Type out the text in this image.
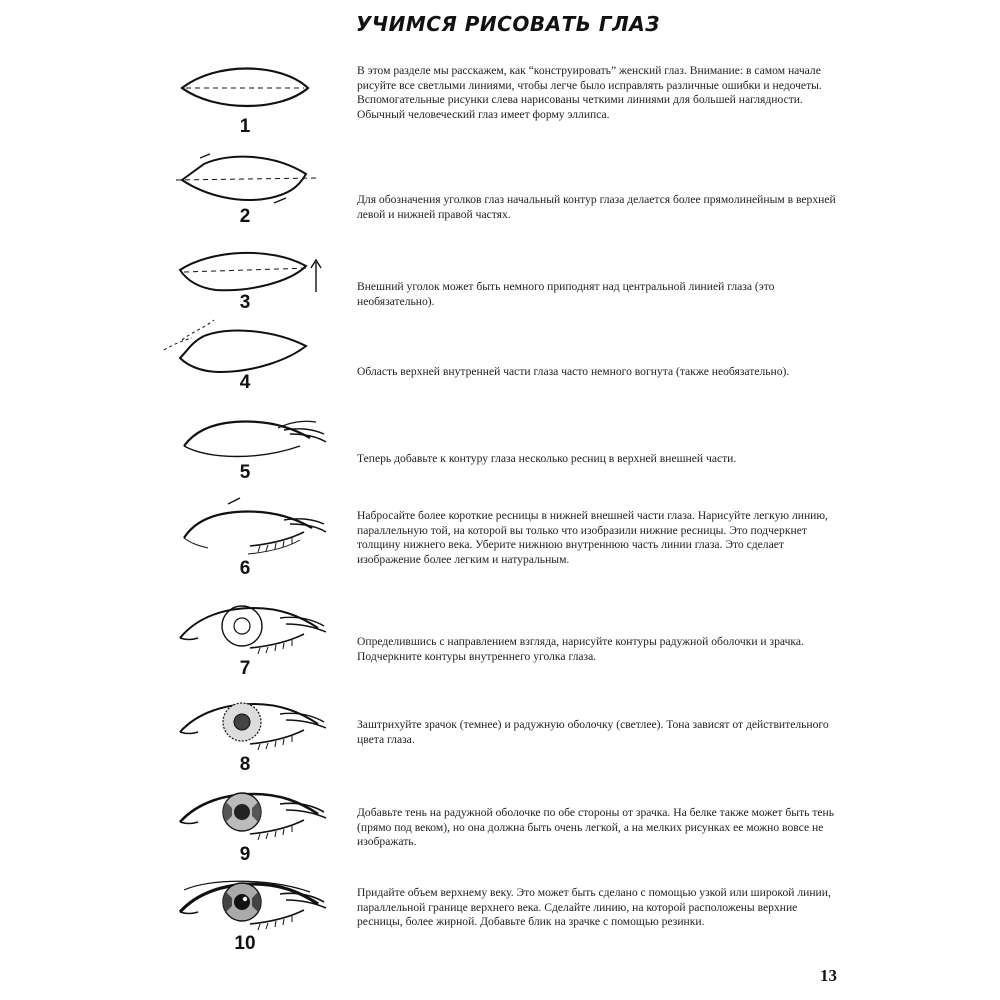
УЧИМСЯ РИСОВАТЬ ГЛАЗ
1

В этом разделе мы расскажем, как “конструировать” женский глаз. Внимание: в самом начале рисуйте все светлыми линиями, чтобы легче было исправлять различные ошибки и недочеты. Вспомогательные рисунки слева нарисованы четкими линиями для большей наглядности.
Обычный человеческий глаз имеет форму эллипса.

2

Для обозначения уголков глаз начальный контур глаза делается более прямолинейным в верхней левой и нижней правой частях.

3

Внешний уголок может быть немного приподнят над центральной линией глаза (это необязательно).

4

Область верхней внутренней части глаза часто немного вогнута (также необязательно).

5

Теперь добавьте к контуру глаза несколько ресниц в верхней внешней части.

6

Набросайте более короткие ресницы в нижней внешней части глаза. Нарисуйте легкую линию, параллельную той, на которой вы только что изобразили нижние ресницы. Это подчеркнет толщину нижнего века. Уберите нижнюю внутреннюю часть линии глаза. Это сделает изображение более легким и натуральным.

7

Определившись с направлением взгляда, нарисуйте контуры радужной оболочки и зрачка. Подчеркните контуры внутреннего уголка глаза.

8

Заштрихуйте зрачок (темнее) и радужную оболочку (светлее). Тона зависят от действительного цвета глаза.

9

Добавьте тень на радужной оболочке по обе стороны от зрачка. На белке также может быть тень (прямо под веком), но она должна быть очень легкой, а на мелких рисунках ее можно вовсе не изображать.

10

Придайте объем верхнему веку. Это может быть сделано с помощью узкой или широкой линии, параллельной границе верхнего века. Сделайте линию, на которой расположены верхние ресницы, более жирной. Добавьте блик на зрачке с помощью резинки.

13
